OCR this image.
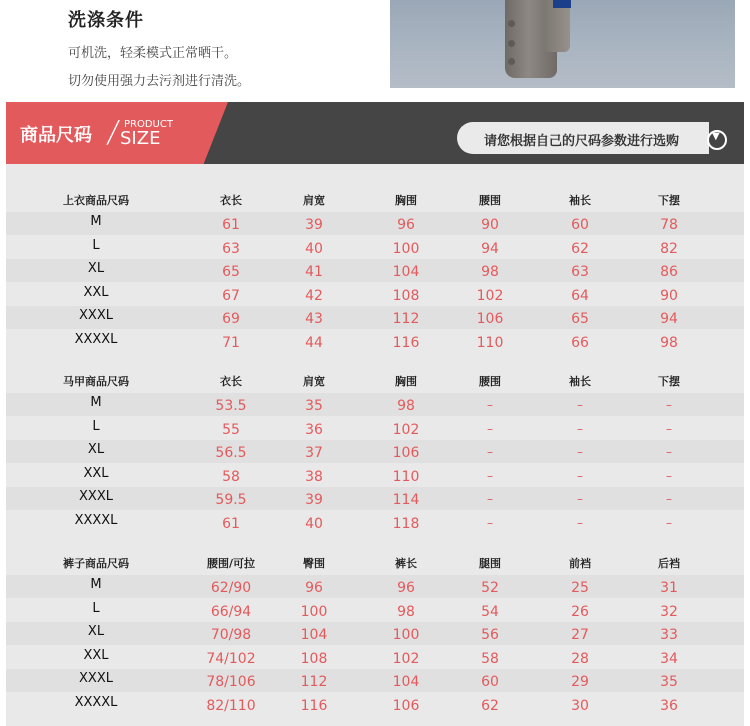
洗涤条件
可机洗，轻柔模式正常晒干。
切勿使用强力去污剂进行清洗。
商品尺码 / PRODUCT
SIZE	请您根据自己的尺码参数进行选购	▼
上衣商品尺码	衣长	肩宽	胸围	腰围	袖长	下摆
M	61	39	96	90	60	78
L	63	40	100	94	62	82
XL	65	41	104	98	63	86
XXL	67	42	108	102	64	90
XXXL	69	43	112	106	65	94
XXXXL	71	44	116	110	66	98
马甲商品尺码	衣长	肩宽	胸围	腰围	袖长	下摆
M	53.5	35	98	–	–	–
L	55	36	102	–	–	–
XL	56.5	37	106	–	–	–
XXL	58	38	110	–	–	–
XXXL	59.5	39	114	–	–	–
XXXXL	61	40	118	–	–	–
裤子商品尺码	腰围/可拉	臀围	裤长	腿围	前裆	后裆
M	62/90	96	96	52	25	31
L	66/94	100	98	54	26	32
XL	70/98	104	100	56	27	33
XXL	74/102	108	102	58	28	34
XXXL	78/106	112	104	60	29	35
XXXXL	82/110	116	106	62	30	36
